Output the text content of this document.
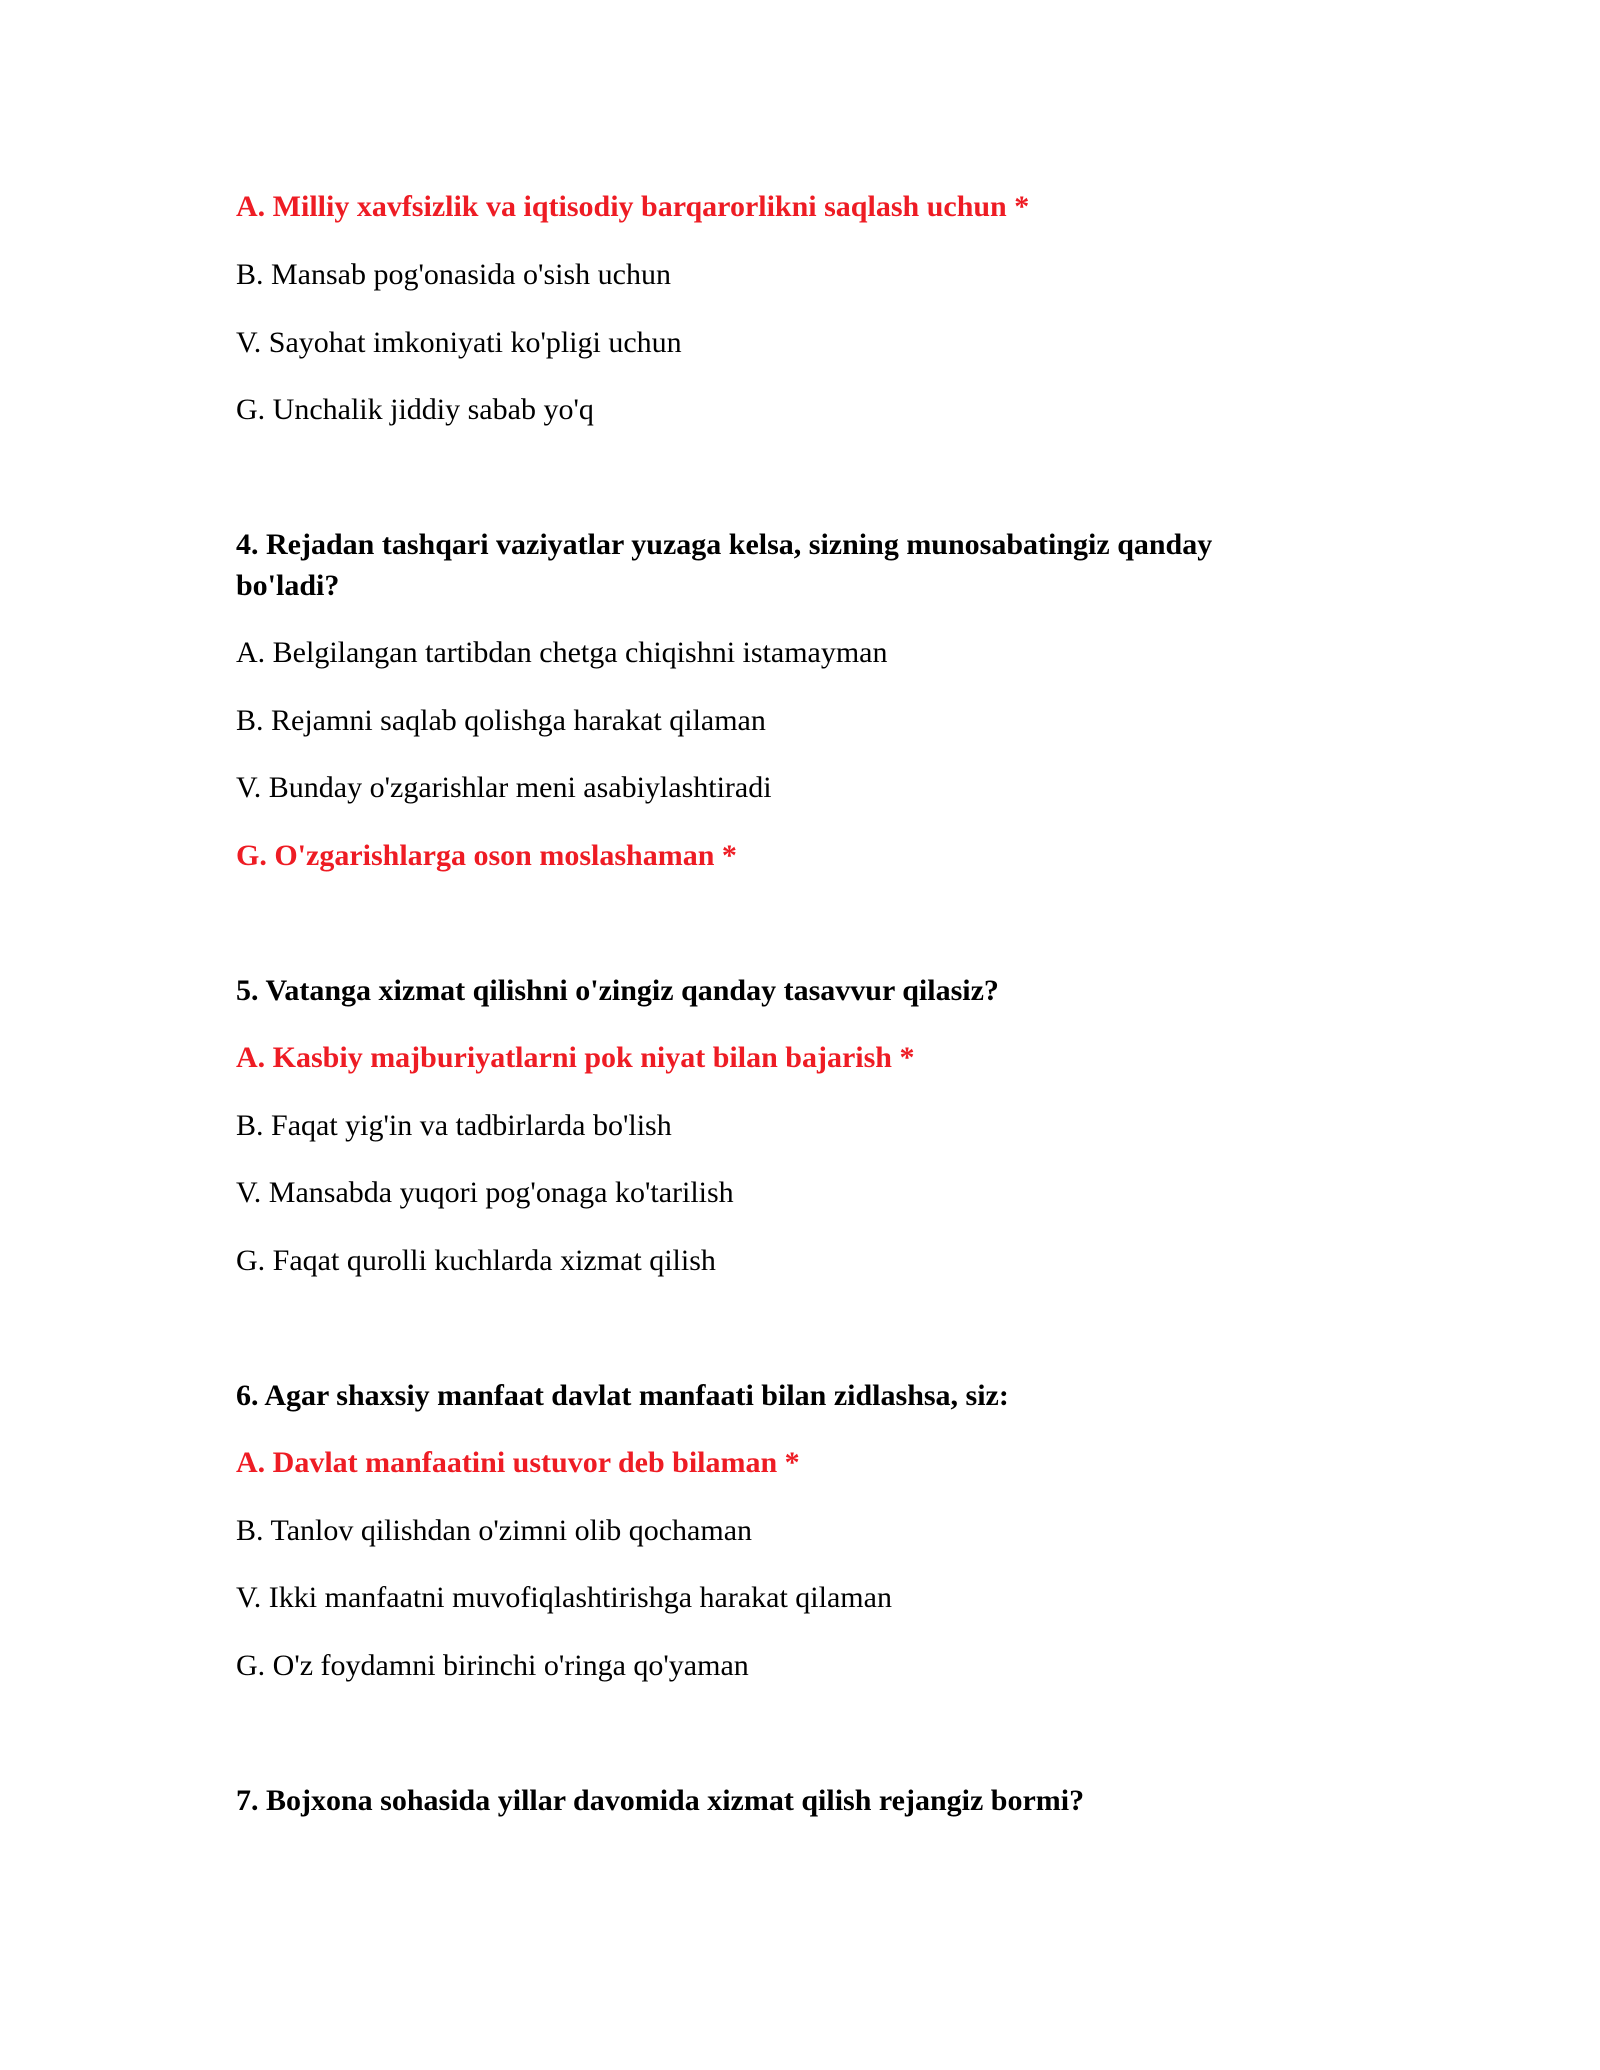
A. Milliy xavfsizlik va iqtisodiy barqarorlikni saqlash uchun *
B. Mansab pog'onasida o'sish uchun
V. Sayohat imkoniyati ko'pligi uchun
G. Unchalik jiddiy sabab yo'q
4. Rejadan tashqari vaziyatlar yuzaga kelsa, sizning munosabatingiz qanday bo'ladi?
A. Belgilangan tartibdan chetga chiqishni istamayman
B. Rejamni saqlab qolishga harakat qilaman
V. Bunday o'zgarishlar meni asabiylashtiradi
G. O'zgarishlarga oson moslashaman *
5. Vatanga xizmat qilishni o'zingiz qanday tasavvur qilasiz?
A. Kasbiy majburiyatlarni pok niyat bilan bajarish *
B. Faqat yig'in va tadbirlarda bo'lish
V. Mansabda yuqori pog'onaga ko'tarilish
G. Faqat qurolli kuchlarda xizmat qilish
6. Agar shaxsiy manfaat davlat manfaati bilan zidlashsa, siz:
A. Davlat manfaatini ustuvor deb bilaman *
B. Tanlov qilishdan o'zimni olib qochaman
V. Ikki manfaatni muvofiqlashtirishga harakat qilaman
G. O'z foydamni birinchi o'ringa qo'yaman
7. Bojxona sohasida yillar davomida xizmat qilish rejangiz bormi?
